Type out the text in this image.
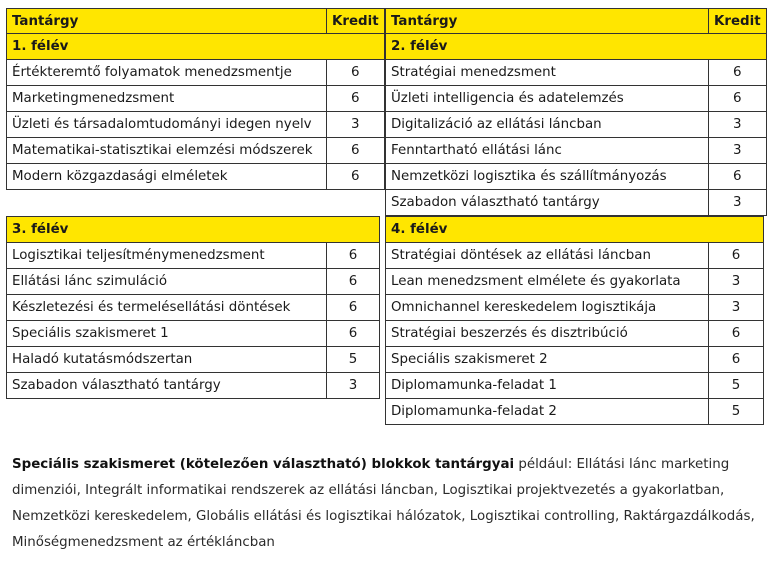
Tantárgy	Kredit
1. félév	
Értékteremtő folyamatok menedzsmentje	6
Marketingmenedzsment	6
Üzleti és társadalomtudományi idegen nyelv	3
Matematikai-statisztikai elemzési módszerek	6
Modern közgazdasági elméletek	6
Tantárgy	Kredit
2. félév	
Stratégiai menedzsment	6
Üzleti intelligencia és adatelemzés	6
Digitalizáció az ellátási láncban	3
Fenntartható ellátási lánc	3
Nemzetközi logisztika és szállítmányozás	6
Szabadon választható tantárgy	3
3. félév	
Logisztikai teljesítménymenedzsment	6
Ellátási lánc szimuláció	6
Készletezési és termelésellátási döntések	6
Speciális szakismeret 1	6
Haladó kutatásmódszertan	5
Szabadon választható tantárgy	3
4. félév	
Stratégiai döntések az ellátási láncban	6
Lean menedzsment elmélete és gyakorlata	3
Omnichannel kereskedelem logisztikája	3
Stratégiai beszerzés és disztribúció	6
Speciális szakismeret 2	6
Diplomamunka-feladat 1	5
Diplomamunka-feladat 2	5
Speciális szakismeret (kötelezően választható) blokkok tantárgyai például: Ellátási lánc marketing dimenziói, Integrált informatikai rendszerek az ellátási láncban, Logisztikai projektvezetés a gyakorlatban, Nemzetközi kereskedelem, Globális ellátási és logisztikai hálózatok, Logisztikai controlling, Raktárgazdálkodás, Minőségmenedzsment az értékláncban
